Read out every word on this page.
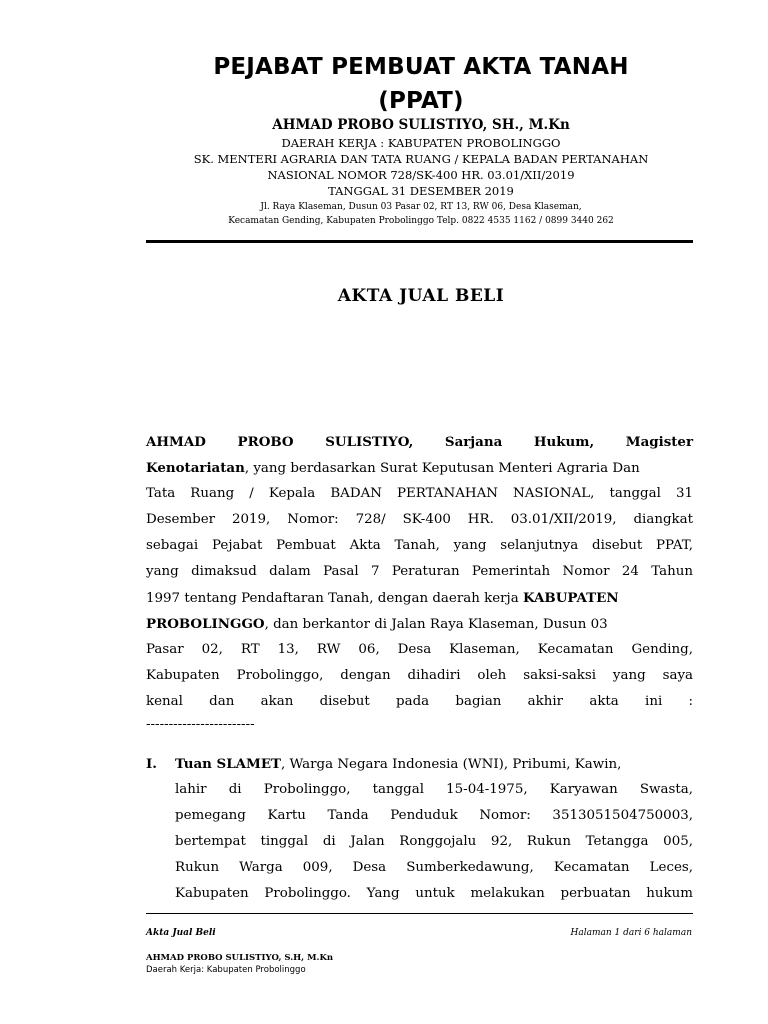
PEJABAT PEMBUAT AKTA TANAH
(PPAT)
AHMAD PROBO SULISTIYO, SH., M.Kn
DAERAH KERJA : KABUPATEN PROBOLINGGO
SK. MENTERI AGRARIA DAN TATA RUANG / KEPALA BADAN PERTANAHAN
NASIONAL NOMOR 728/SK-400 HR. 03.01/XII/2019
TANGGAL 31 DESEMBER 2019
Jl. Raya Klaseman, Dusun 03 Pasar 02, RT 13, RW 06, Desa Klaseman,
Kecamatan Gending, Kabupaten Probolinggo Telp. 0822 4535 1162 / 0899 3440 262
AKTA JUAL BELI
AHMAD PROBO SULISTIYO, Sarjana Hukum, Magister
Kenotariatan, yang berdasarkan Surat Keputusan Menteri Agraria Dan
Tata Ruang / Kepala BADAN PERTANAHAN NASIONAL, tanggal 31
Desember 2019, Nomor: 728/ SK-400 HR. 03.01/XII/2019, diangkat
sebagai Pejabat Pembuat Akta Tanah, yang selanjutnya disebut PPAT,
yang dimaksud dalam Pasal 7 Peraturan Pemerintah Nomor 24 Tahun
1997 tentang Pendaftaran Tanah, dengan daerah kerja KABUPATEN
PROBOLINGGO, dan berkantor di Jalan Raya Klaseman, Dusun 03
Pasar 02, RT 13, RW 06, Desa Klaseman, Kecamatan Gending,
Kabupaten Probolinggo, dengan dihadiri oleh saksi-saksi yang saya
kenal dan akan disebut pada bagian akhir akta ini :
------------------------
I. Tuan SLAMET, Warga Negara Indonesia (WNI), Pribumi, Kawin,
lahir di Probolinggo, tanggal 15-04-1975, Karyawan Swasta,
pemegang Kartu Tanda Penduduk Nomor: 3513051504750003,
bertempat tinggal di Jalan Ronggojalu 92, Rukun Tetangga 005,
Rukun Warga 009, Desa Sumberkedawung, Kecamatan Leces,
Kabupaten Probolinggo. Yang untuk melakukan perbuatan hukum
Akta Jual Beli	Halaman 1 dari 6 halaman
AHMAD PROBO SULISTIYO, S.H, M.Kn
Daerah Kerja: Kabupaten Probolinggo
